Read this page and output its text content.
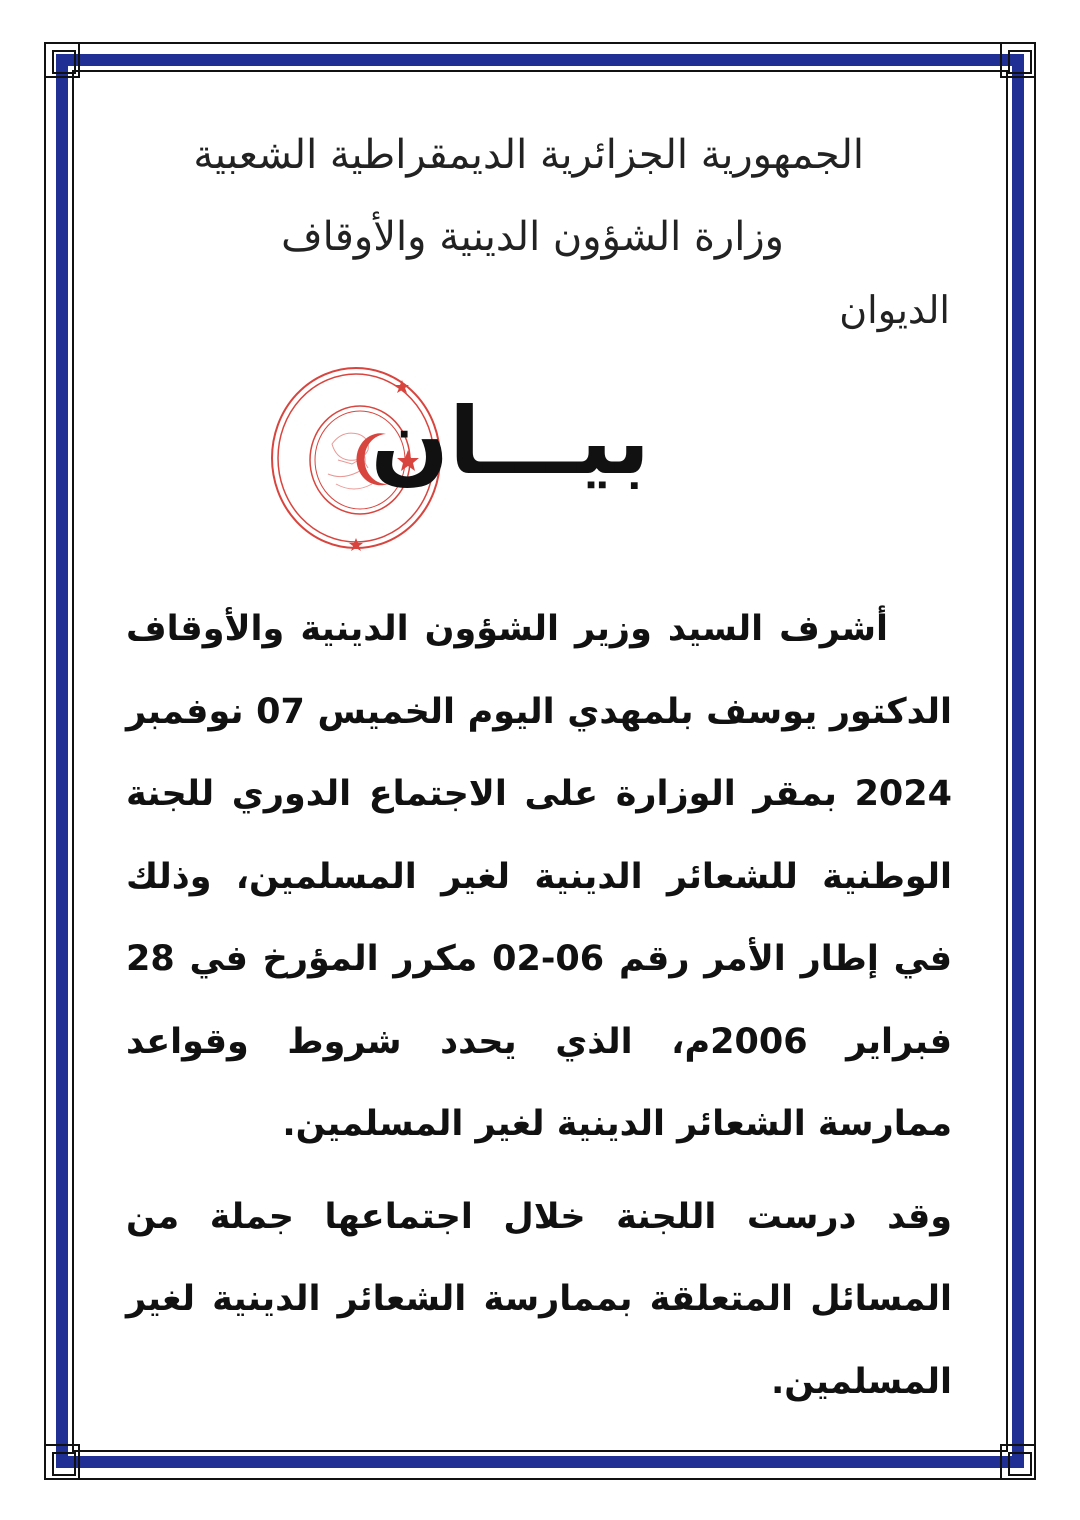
الجمهورية الجزائرية الديمقراطية الشعبية
وزارة الشؤون الدينية والأوقاف
الديوان
بيـــان

أشرف السيد وزير الشؤون الدينية والأوقاف الدكتور يوسف بلمهدي اليوم الخميس 07 نوفمبر 2024 بمقر الوزارة على الاجتماع الدوري للجنة الوطنية للشعائر الدينية لغير المسلمين، وذلك في إطار الأمر رقم 06-02 مكرر المؤرخ في 28 فبراير 2006م، الذي يحدد شروط وقواعد ممارسة الشعائر الدينية لغير المسلمين.

وقد درست اللجنة خلال اجتماعها جملة من المسائل المتعلقة بممارسة الشعائر الدينية لغير المسلمين.
